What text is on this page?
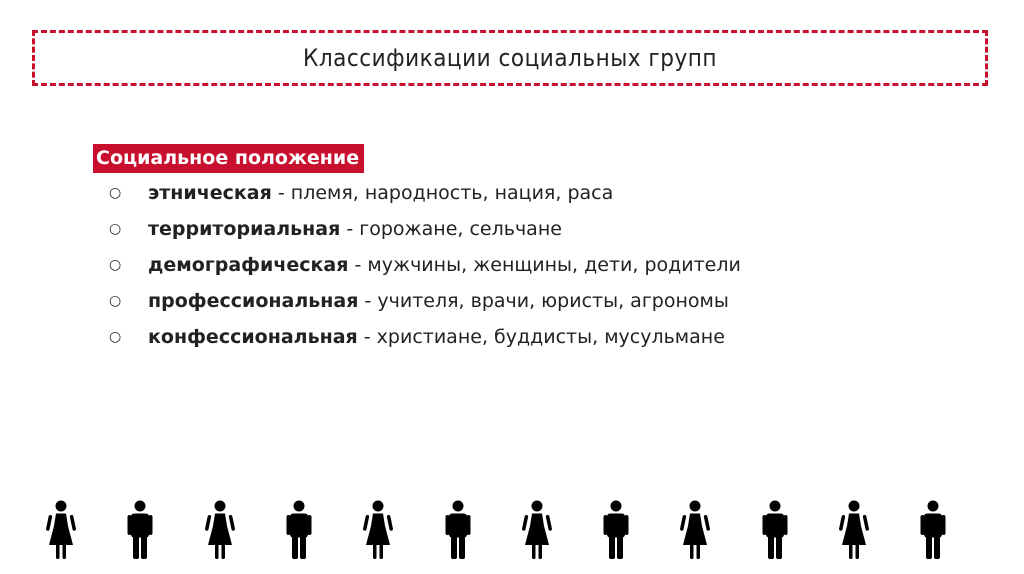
Классификации социальных групп
Социальное положение
○ этническая - племя, народность, нация, раса
○ территориальная - горожане, сельчане
○ демографическая - мужчины, женщины, дети, родители
○ профессиональная - учителя, врачи, юристы, агрономы
○ конфессиональная - христиане, буддисты, мусульмане
